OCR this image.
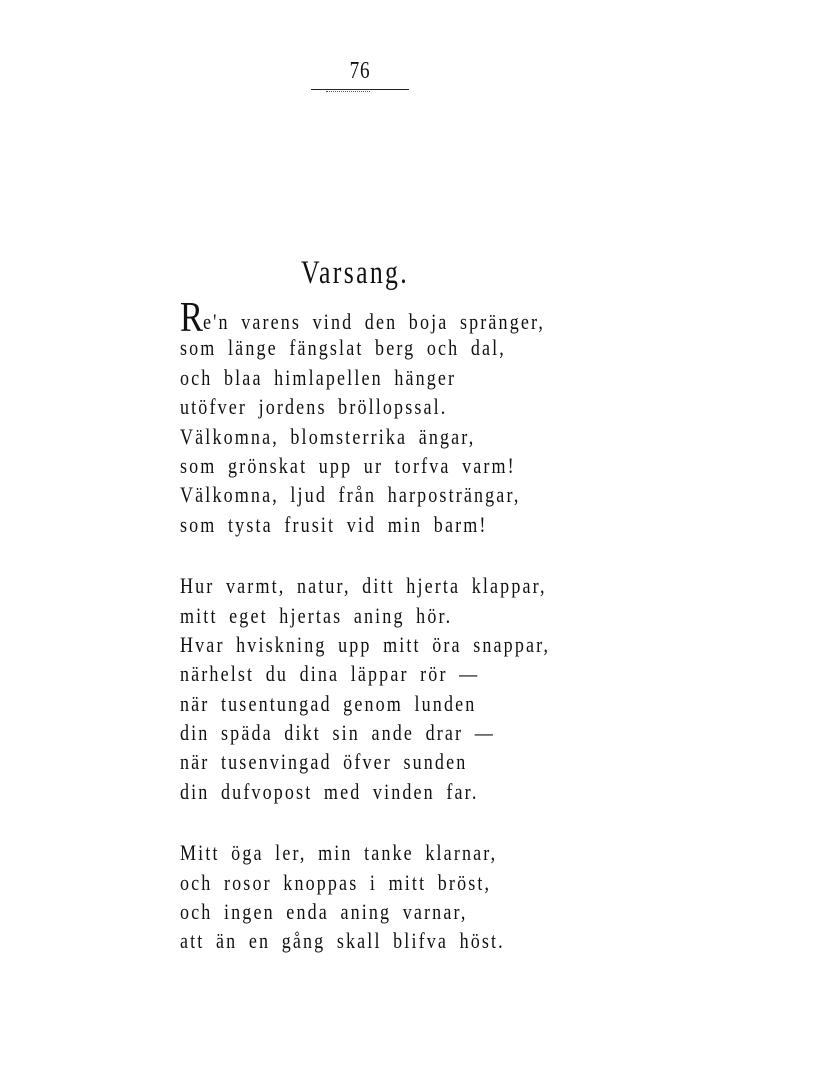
76
Varsang.
Re'n varens vind den boja spränger,
som länge fängslat berg och dal,
och blaa himlapellen hänger
utöfver jordens bröllopssal.
Välkomna, blomsterrika ängar,
som grönskat upp ur torfva varm!
Välkomna, ljud från harposträngar,
som tysta frusit vid min barm!
Hur varmt, natur, ditt hjerta klappar,
mitt eget hjertas aning hör.
Hvar hviskning upp mitt öra snappar,
närhelst du dina läppar rör —
när tusentungad genom lunden
din späda dikt sin ande drar —
när tusenvingad öfver sunden
din dufvopost med vinden far.
Mitt öga ler, min tanke klarnar,
och rosor knoppas i mitt bröst,
och ingen enda aning varnar,
att än en gång skall blifva höst.
